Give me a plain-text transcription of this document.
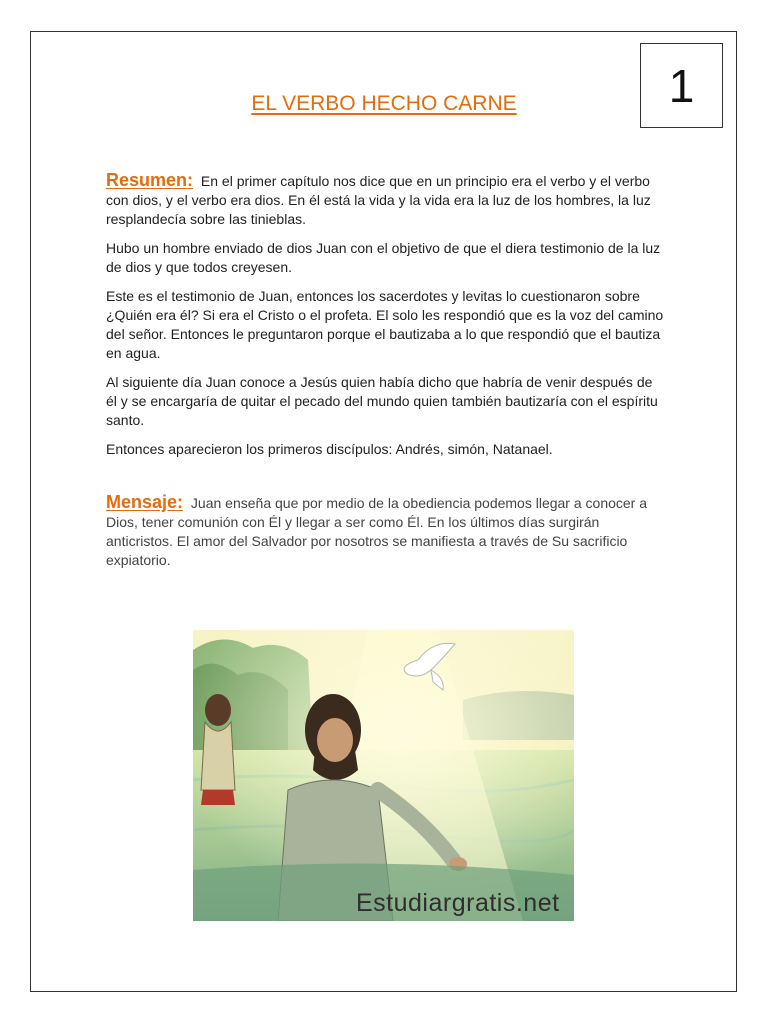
1
EL VERBO HECHO CARNE

Resumen: En el primer capítulo nos dice que en un principio era el verbo y el verbo con dios, y el verbo era dios. En él está la vida y la vida era la luz de los hombres, la luz resplandecía sobre las tinieblas.

Hubo un hombre enviado de dios Juan con el objetivo de que el diera testimonio de la luz de dios y que todos creyesen.

Este es el testimonio de Juan, entonces los sacerdotes y levitas lo cuestionaron sobre ¿Quién era él? Si era el Cristo o el profeta. El solo les respondió que es la voz del camino del señor. Entonces le preguntaron porque el bautizaba a lo que respondió que el bautiza en agua.

Al siguiente día Juan conoce a Jesús quien había dicho que habría de venir después de él y se encargaría de quitar el pecado del mundo quien también bautizaría con el espíritu santo.

Entonces aparecieron los primeros discípulos: Andrés, simón, Natanael.

Mensaje: Juan enseña que por medio de la obediencia podemos llegar a conocer a Dios, tener comunión con Él y llegar a ser como Él. En los últimos días surgirán anticristos. El amor del Salvador por nosotros se manifiesta a través de Su sacrificio expiatorio.

Estudiargratis.net
